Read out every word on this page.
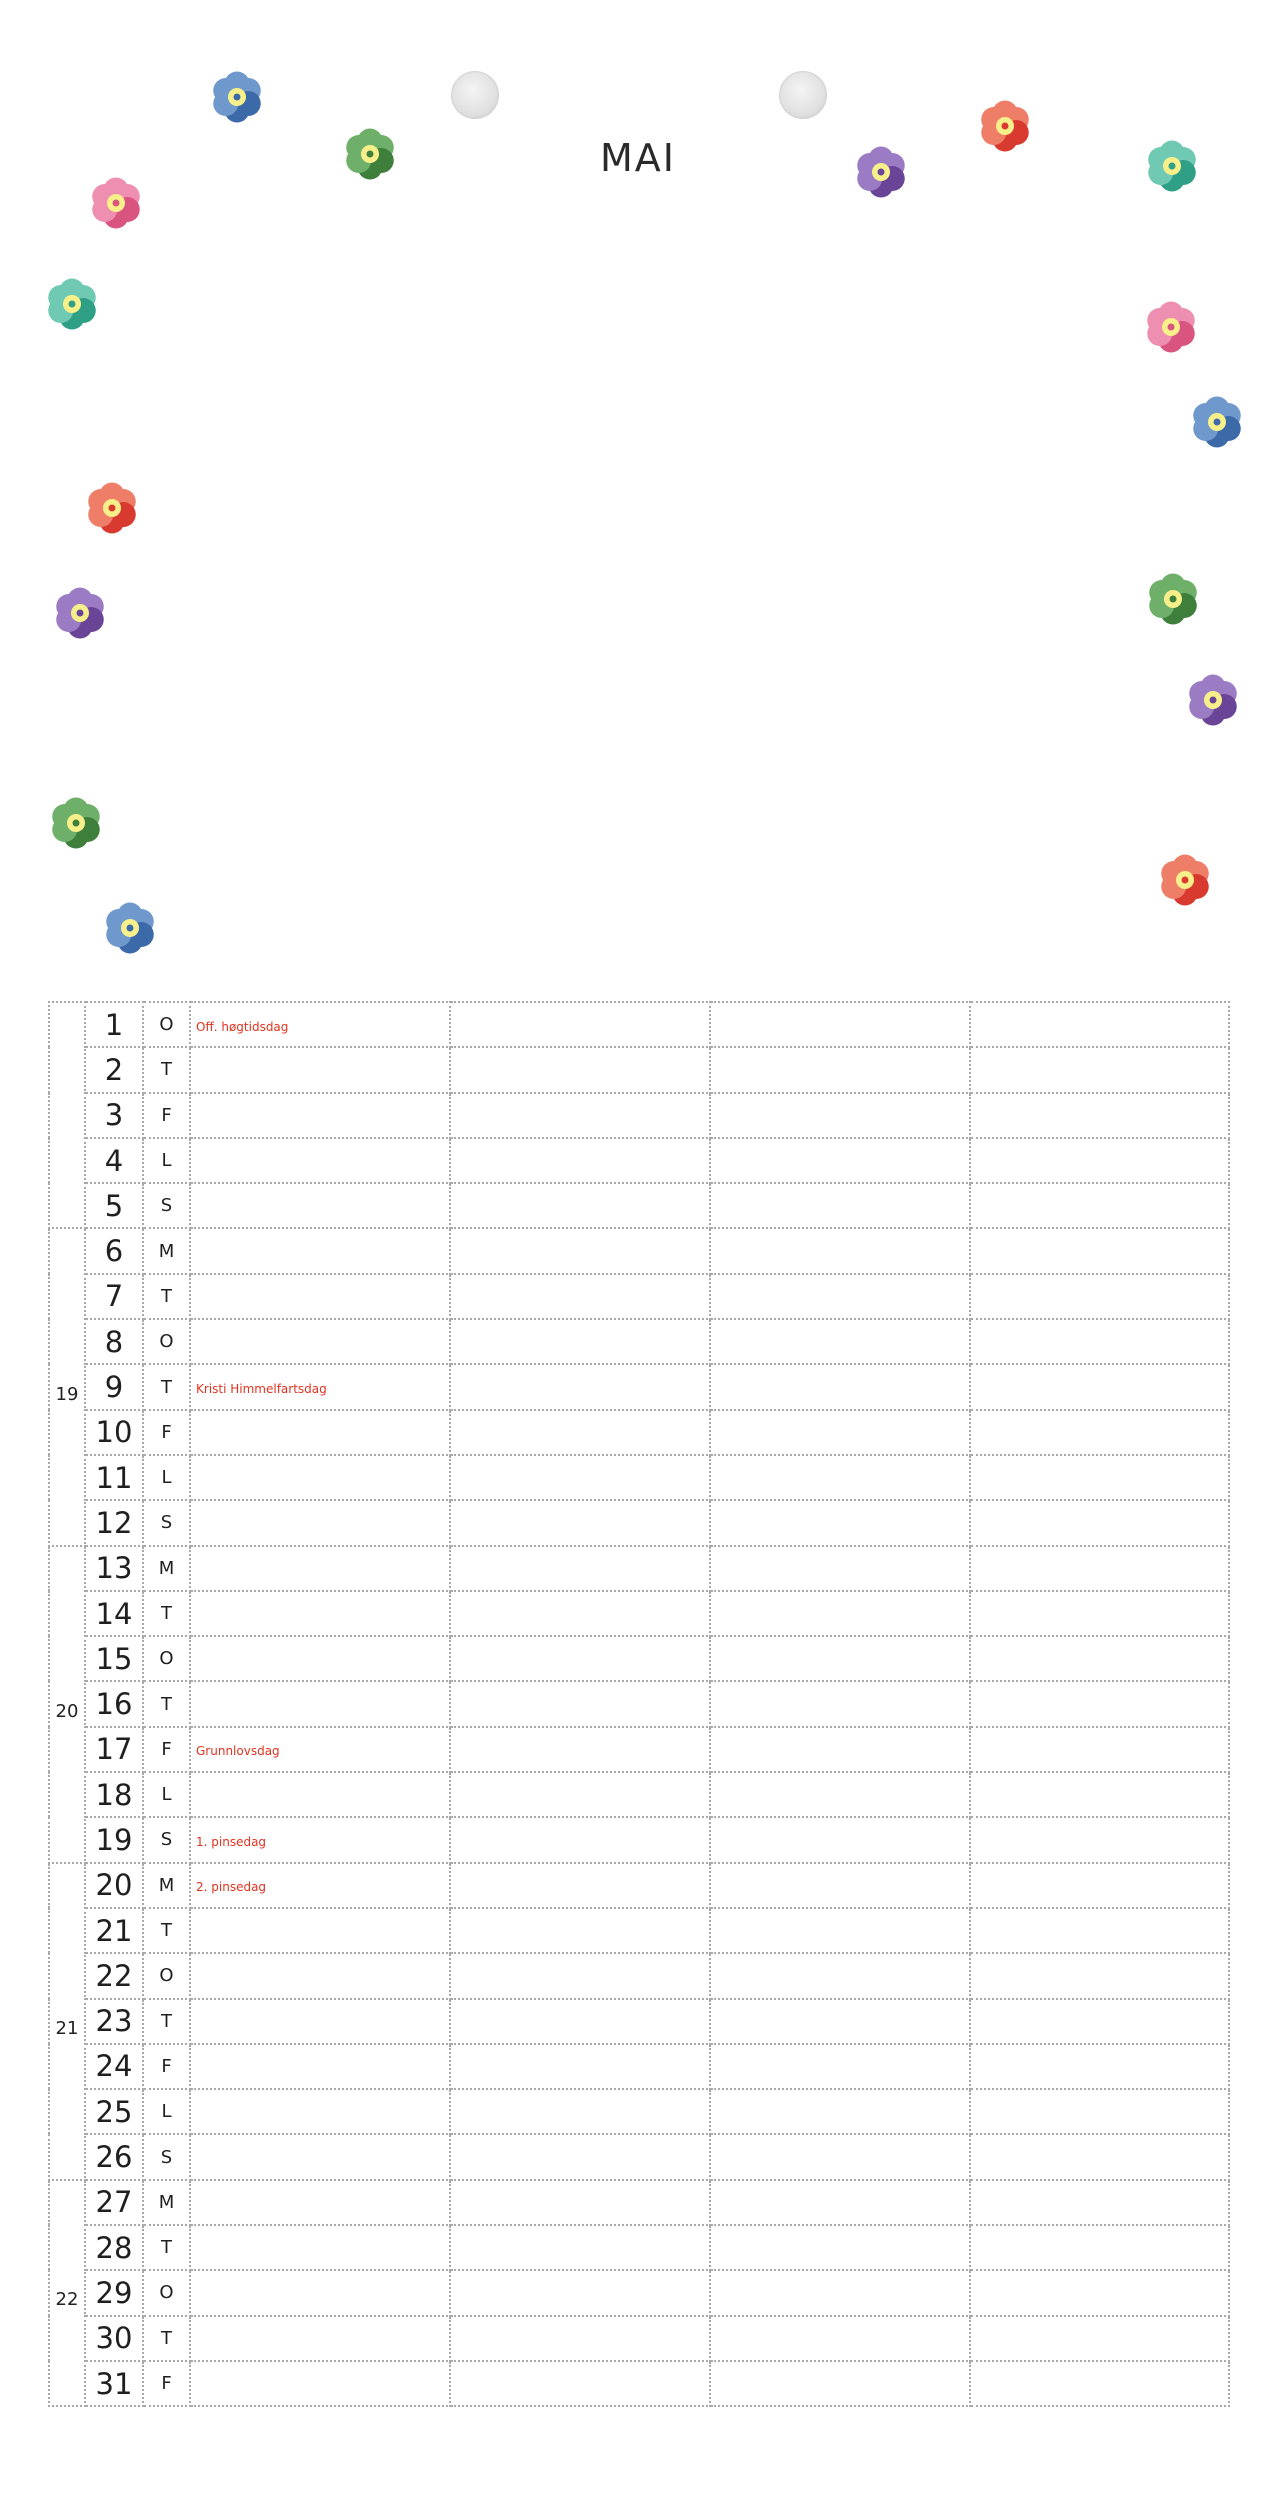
MAI
	1	O	Off. høgtidsdag			

	2	T				
	3	F				
	4	L				
	5	S				

19	6	M				
	7	T				
	8	O				
	9	T	Kristi Himmelfartsdag			

	10	F				
	11	L				
	12	S				

20	13	M				
	14	T				
	15	O				
	16	T				
	17	F	Grunnlovsdag			

	18	L				
	19	S	1. pinsedag			

21	20	M	2. pinsedag			

	21	T				
	22	O				
	23	T				
	24	F				
	25	L				
	26	S				

22	27	M				
	28	T				
	29	O				
	30	T				
	31	F				
